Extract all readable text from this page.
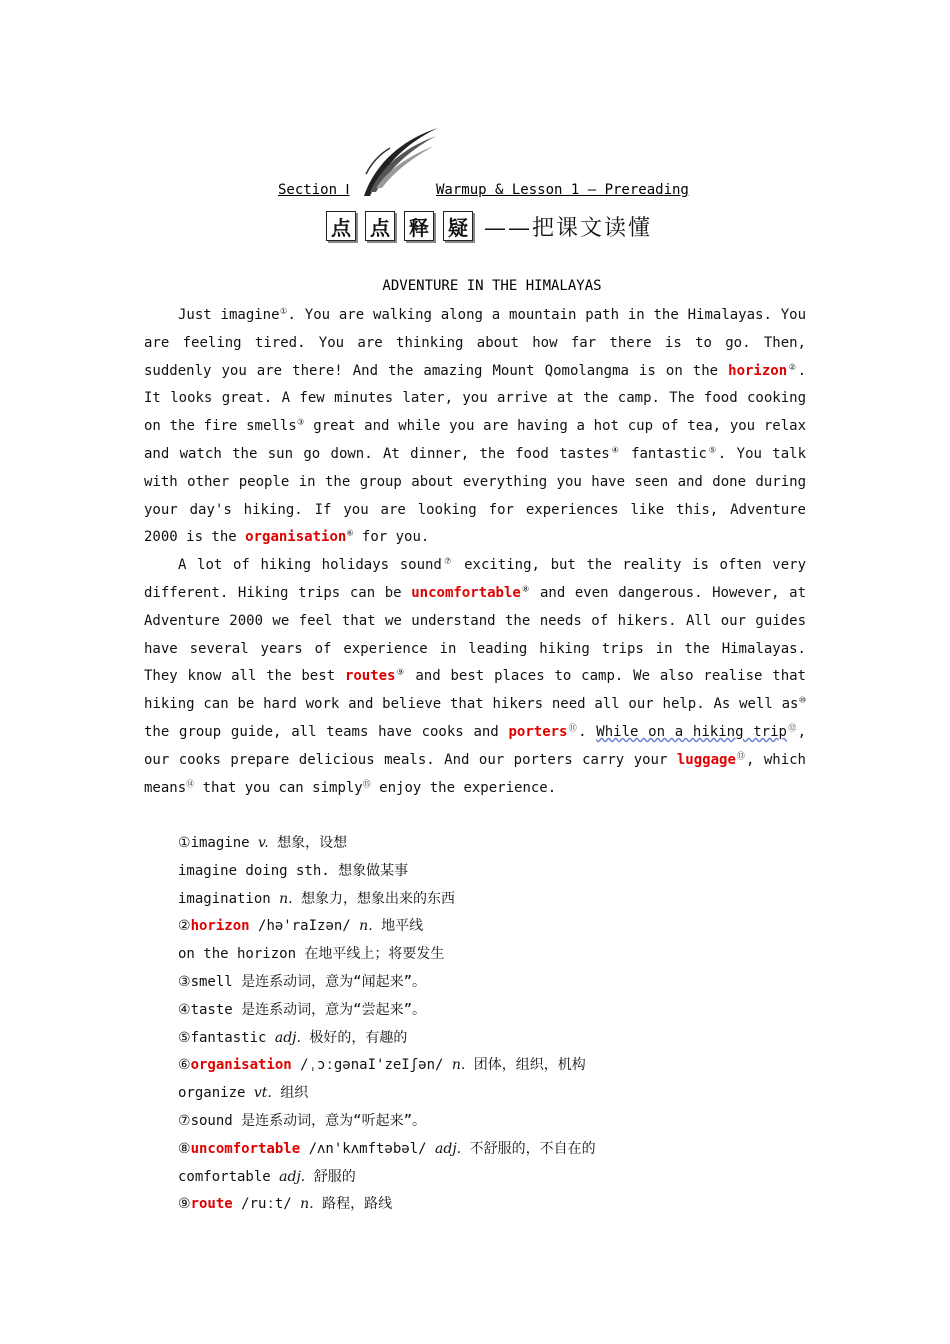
Section Ⅰ	Warmup & Lesson 1 — Prereading
点 点 释 疑 ——把课文读懂
ADVENTURE IN THE HIMALAYAS

Just imagine①. You are walking along a mountain path in the Himalayas. You are feeling tired. You are thinking about how far there is to go. Then, suddenly you are there! And the amazing Mount Qomolangma is on the horizon②. It looks great. A few minutes later, you arrive at the camp. The food cooking on the fire smells③ great and while you are having a hot cup of tea, you relax and watch the sun go down. At dinner, the food tastes④ fantastic⑤. You talk with other people in the group about everything you have seen and done during your day's hiking. If you are looking for experiences like this, Adventure 2000 is the organisation⑥ for you.

A lot of hiking holidays sound⑦ exciting, but the reality is often very different. Hiking trips can be uncomfortable⑧ and even dangerous. However, at Adventure 2000 we feel that we understand the needs of hikers. All our guides have several years of experience in leading hiking trips in the Himalayas. They know all the best routes⑨ and best places to camp. We also realise that hiking can be hard work and believe that hikers need all our help. As well as⑩ the group guide, all teams have cooks and porters⑪. While on a hiking trip⑫, our cooks prepare delicious meals. And our porters carry your luggage⑬, which means⑭ that you can simply⑮ enjoy the experience.

①imagine v. 想象，设想
imagine doing sth. 想象做某事
imagination n. 想象力，想象出来的东西
②horizon /hə'raIzən/ n. 地平线
on the horizon 在地平线上；将要发生
③smell 是连系动词，意为“闻起来”。
④taste 是连系动词，意为“尝起来”。
⑤fantastic adj. 极好的，有趣的
⑥organisation /ˌɔːgənaI'zeIʃən/ n. 团体，组织，机构
organize vt. 组织
⑦sound 是连系动词，意为“听起来”。
⑧uncomfortable /ʌn'kʌmftəbəl/ adj. 不舒服的，不自在的
comfortable adj. 舒服的
⑨route /ruːt/ n. 路程，路线
